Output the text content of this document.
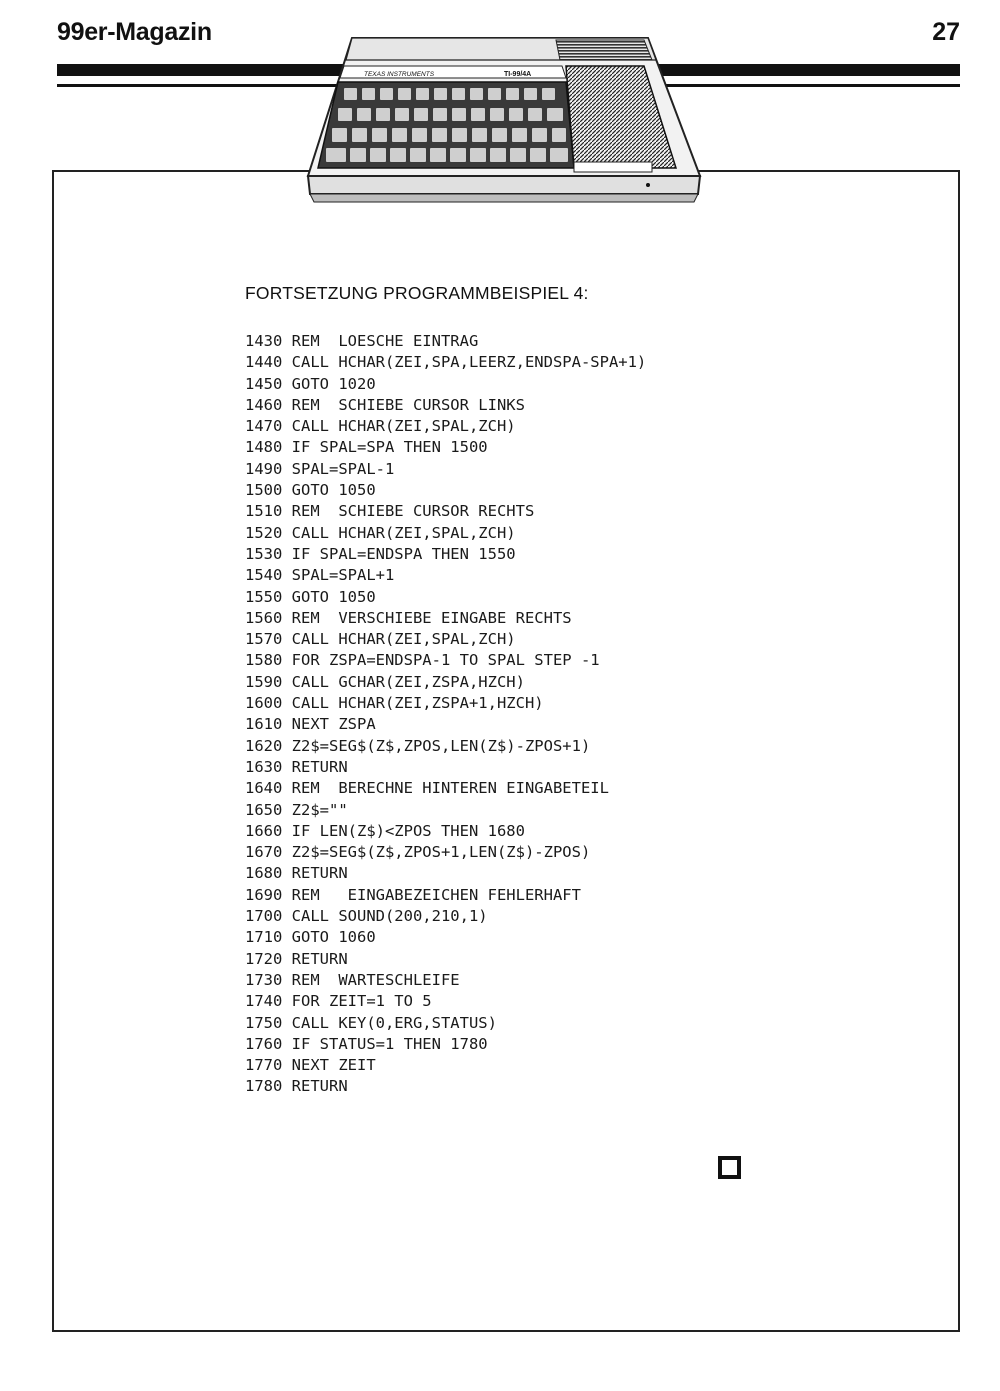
99er-Magazin	27
TEXAS INSTRUMENTS	TI-99/4A
FORTSETZUNG PROGRAMMBEISPIEL 4:
1430 REM  LOESCHE EINTRAG
1440 CALL HCHAR(ZEI,SPA,LEERZ,ENDSPA-SPA+1)
1450 GOTO 1020
1460 REM  SCHIEBE CURSOR LINKS
1470 CALL HCHAR(ZEI,SPAL,ZCH)
1480 IF SPAL=SPA THEN 1500
1490 SPAL=SPAL-1
1500 GOTO 1050
1510 REM  SCHIEBE CURSOR RECHTS
1520 CALL HCHAR(ZEI,SPAL,ZCH)
1530 IF SPAL=ENDSPA THEN 1550
1540 SPAL=SPAL+1
1550 GOTO 1050
1560 REM  VERSCHIEBE EINGABE RECHTS
1570 CALL HCHAR(ZEI,SPAL,ZCH)
1580 FOR ZSPA=ENDSPA-1 TO SPAL STEP -1
1590 CALL GCHAR(ZEI,ZSPA,HZCH)
1600 CALL HCHAR(ZEI,ZSPA+1,HZCH)
1610 NEXT ZSPA
1620 Z2$=SEG$(Z$,ZPOS,LEN(Z$)-ZPOS+1)
1630 RETURN
1640 REM  BERECHNE HINTEREN EINGABETEIL
1650 Z2$=""
1660 IF LEN(Z$)<ZPOS THEN 1680
1670 Z2$=SEG$(Z$,ZPOS+1,LEN(Z$)-ZPOS)
1680 RETURN
1690 REM   EINGABEZEICHEN FEHLERHAFT
1700 CALL SOUND(200,210,1)
1710 GOTO 1060
1720 RETURN
1730 REM  WARTESCHLEIFE
1740 FOR ZEIT=1 TO 5
1750 CALL KEY(0,ERG,STATUS)
1760 IF STATUS=1 THEN 1780
1770 NEXT ZEIT
1780 RETURN
